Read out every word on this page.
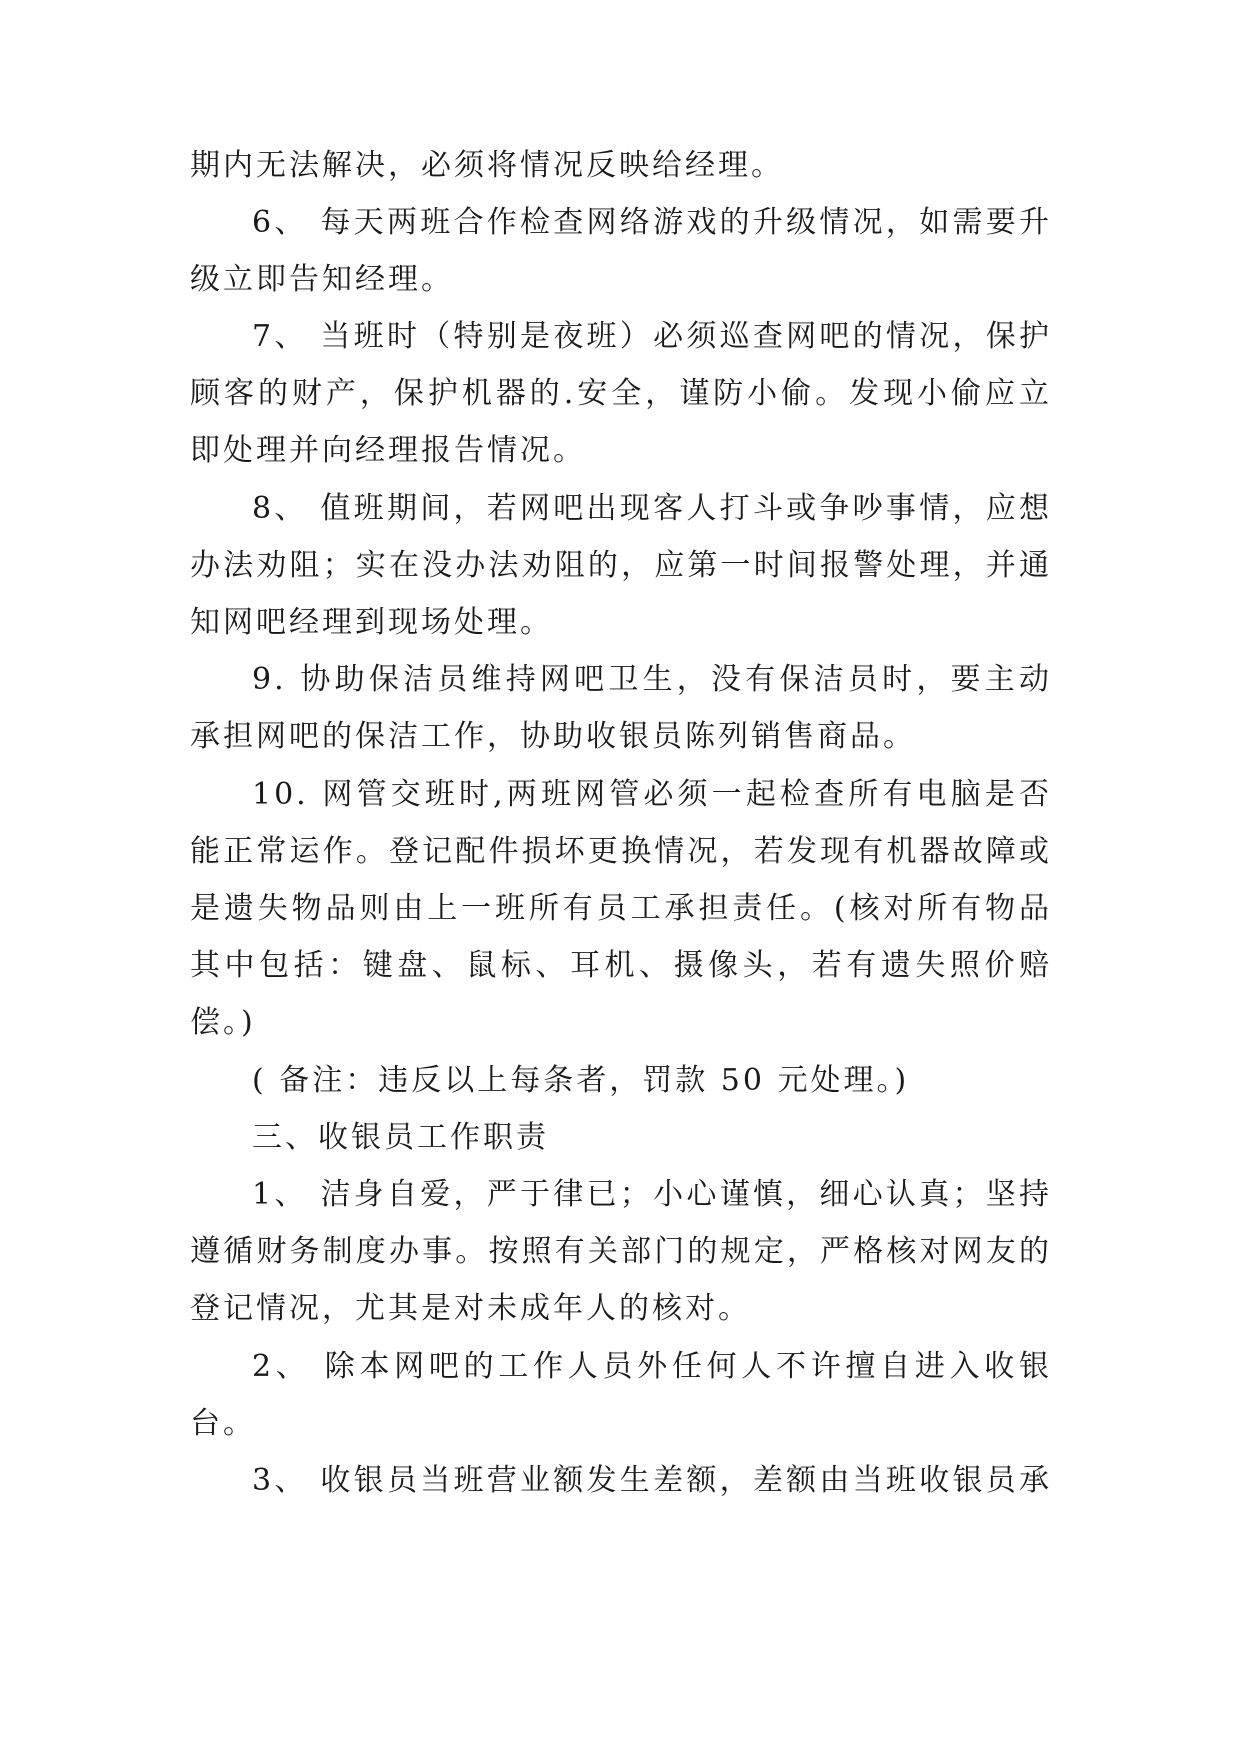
期内无法解决，必须将情况反映给经理。
6、 每天两班合作检查网络游戏的升级情况，如需要升
级立即告知经理。
7、 当班时（特别是夜班）必须巡查网吧的情况，保护
顾客的财产，保护机器的.安全，谨防小偷。发现小偷应立
即处理并向经理报告情况。
8、 值班期间，若网吧出现客人打斗或争吵事情，应想
办法劝阻；实在没办法劝阻的，应第一时间报警处理，并通
知网吧经理到现场处理。
9. 协助保洁员维持网吧卫生，没有保洁员时，要主动
承担网吧的保洁工作，协助收银员陈列销售商品。
10. 网管交班时,两班网管必须一起检查所有电脑是否
能正常运作。登记配件损坏更换情况，若发现有机器故障或
是遗失物品则由上一班所有员工承担责任。(核对所有物品
其中包括：键盘、鼠标、耳机、摄像头，若有遗失照价赔
偿。)
( 备注：违反以上每条者，罚款 50 元处理。)
三、收银员工作职责
1、 洁身自爱，严于律已；小心谨慎，细心认真；坚持
遵循财务制度办事。按照有关部门的规定，严格核对网友的
登记情况，尤其是对未成年人的核对。
2、 除本网吧的工作人员外任何人不许擅自进入收银
台。
3、 收银员当班营业额发生差额，差额由当班收银员承
